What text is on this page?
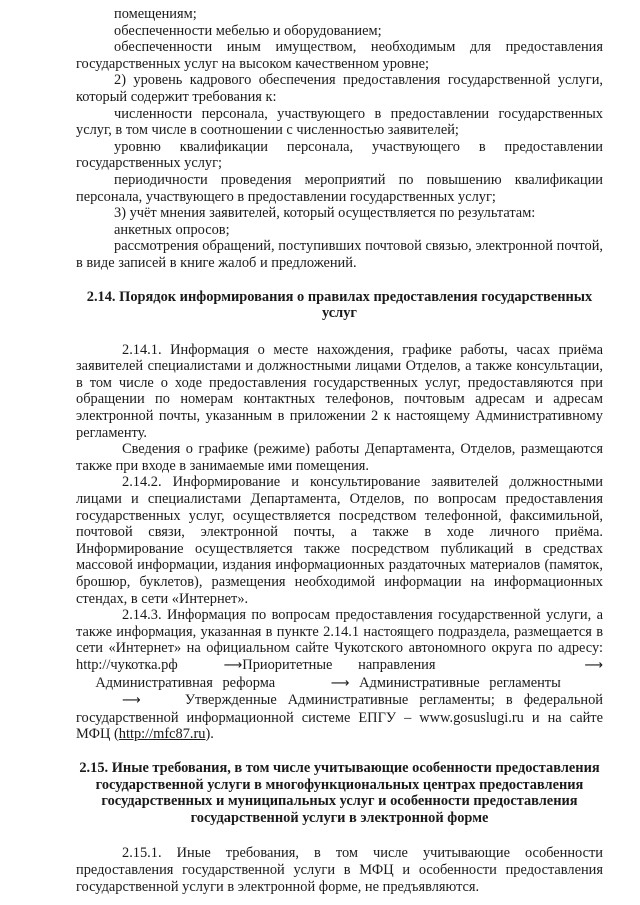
помещениям;

обеспеченности мебелью и оборудованием;

обеспеченности иным имуществом, необходимым для предоставления государственных услуг на высоком качественном уровне;

2) уровень кадрового обеспечения предоставления государственной услуги, который содержит требования к:

численности персонала, участвующего в предоставлении государственных услуг, в том числе в соотношении с численностью заявителей;

уровню квалификации персонала, участвующего в предоставлении государственных услуг;

периодичности проведения мероприятий по повышению квалификации персонала, участвующего в предоставлении государственных услуг;

3) учёт мнения заявителей, который осуществляется по результатам:

анкетных опросов;

рассмотрения обращений, поступивших почтовой связью, электронной почтой, в виде записей в книге жалоб и предложений.

2.14. Порядок информирования о правилах предоставления государственных

услуг

2.14.1. Информация о месте нахождения, графике работы, часах приёма заявителей специалистами и должностными лицами Отделов, а также консультации, в том числе о ходе предоставления государственных услуг, предоставляются при обращении по номерам контактных телефонов, почтовым адресам и адресам электронной почты, указанным в приложении 2 к настоящему Административному регламенту.

Сведения о графике (режиме) работы Департамента, Отделов, размещаются также при входе в занимаемые ими помещения.

2.14.2. Информирование и консультирование заявителей должностными лицами и специалистами Департамента, Отделов, по вопросам предоставления государственных услуг, осуществляется посредством телефонной, факсимильной, почтовой связи, электронной почты, а также в ходе личного приёма. Информирование осуществляется также посредством публикаций в средствах массовой информации, издания информационных раздаточных материалов (памяток, брошюр, буклетов), размещения необходимой информации на информационных стендах, в сети «Интернет».

2.14.3. Информация по вопросам предоставления государственной услуги, а также информация, указанная в пункте 2.14.1 настоящего подраздела, размещается в сети «Интернет» на официальном сайте Чукотского автономного округа по адресу: http://чукотка.рф	⟶Приоритетные направления	⟶  Административная реформа	⟶ Административные регламенты     ⟶	Утвержденные Административные регламенты; в федеральной государственной информационной системе ЕПГУ – www.gosuslugi.ru и на сайте МФЦ (http://mfc87.ru).

2.15. Иные требования, в том числе учитывающие особенности предоставления

государственной услуги в многофункциональных центрах предоставления

государственных и муниципальных услуг и особенности предоставления

государственной услуги в электронной форме

2.15.1. Иные требования, в том числе учитывающие особенности предоставления государственной услуги в МФЦ и особенности предоставления государственной услуги в электронной форме, не предъявляются.
